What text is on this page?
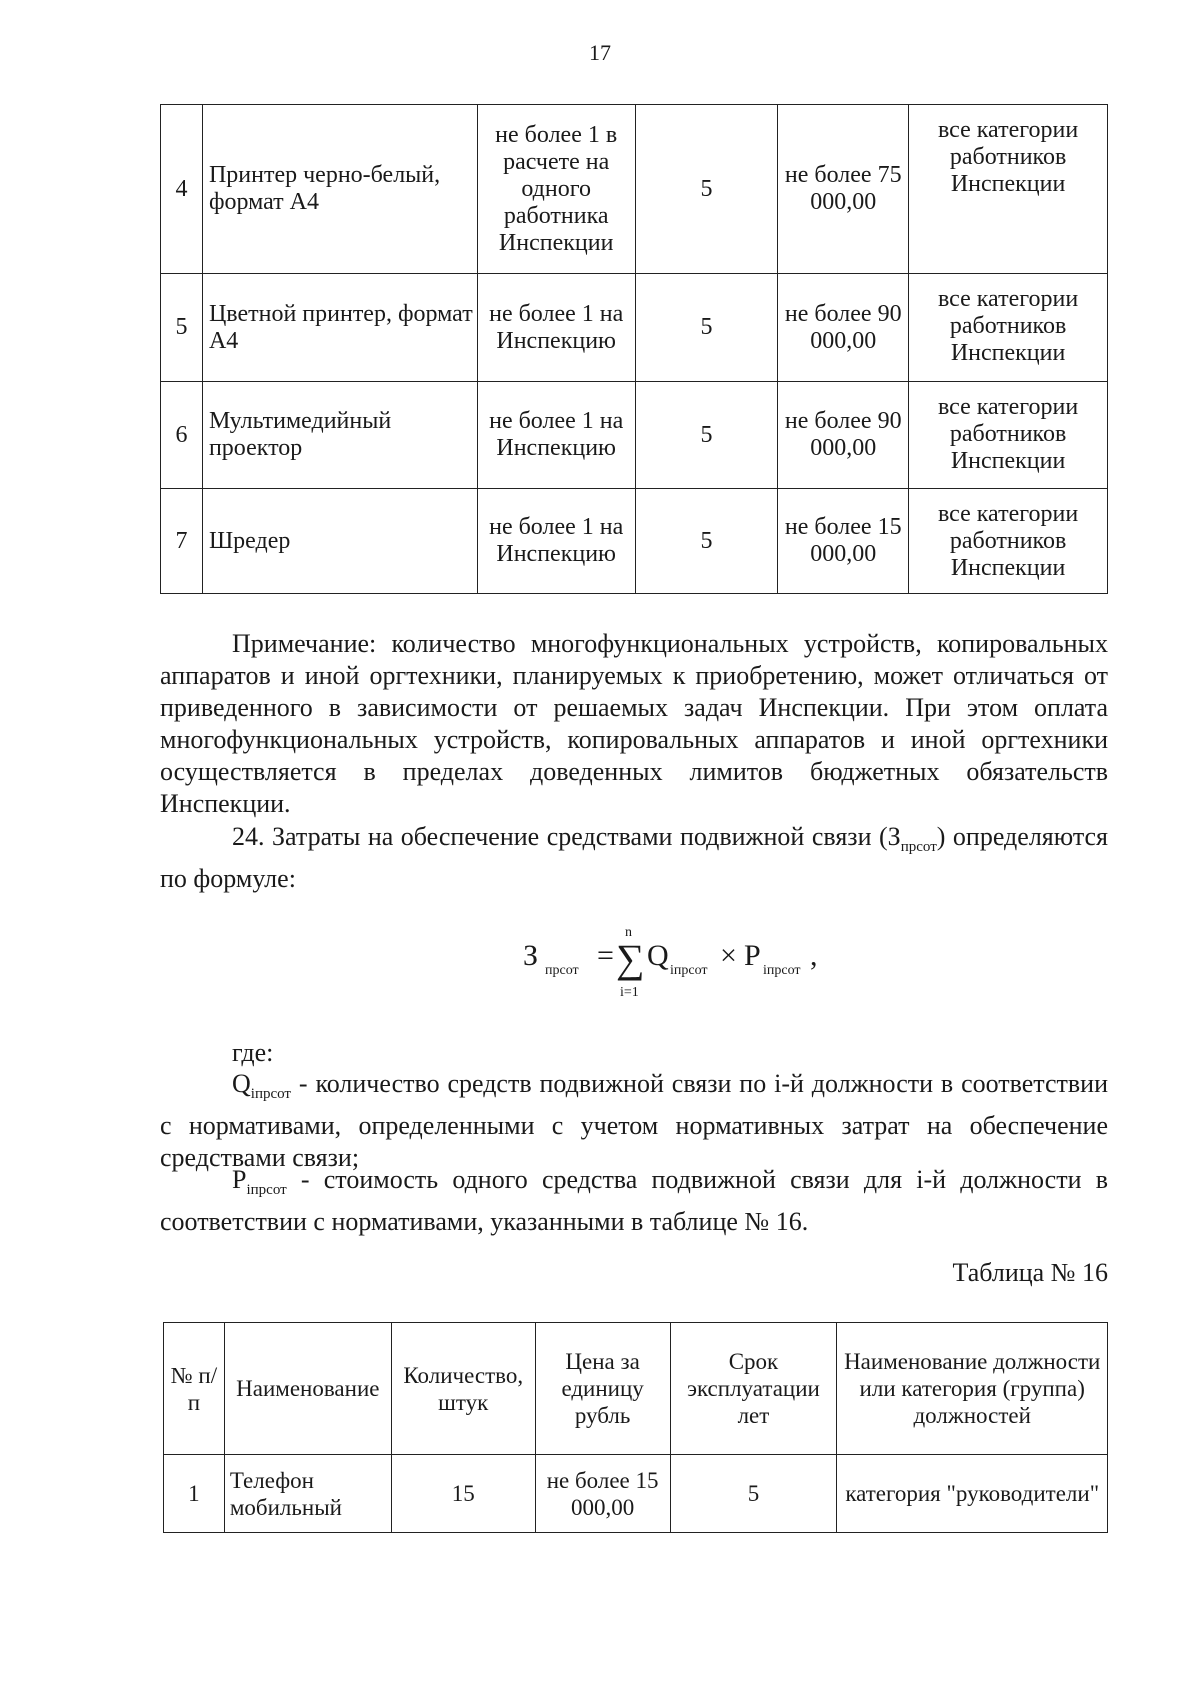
17
4	Принтер черно-белый, формат А4	не более 1 в расчете на одного работника Инспекции	5	не более 75 000,00	все категории работников Инспекции
5	Цветной принтер, формат А4	не более 1 на Инспекцию	5	не более 90 000,00	все категории работников Инспекции
6	Мультимедийный проектор	не более 1 на Инспекцию	5	не более 90 000,00	все категории работников Инспекции
7	Шредер	не более 1 на Инспекцию	5	не более 15 000,00	все категории работников Инспекции

Примечание: количество многофункциональных устройств, копировальных аппаратов и иной оргтехники, планируемых к приобретению, может отличаться от приведенного в зависимости от решаемых задач Инспекции. При этом оплата многофункциональных устройств, копировальных аппаратов и иной оргтехники осуществляется в пределах доведенных лимитов бюджетных обязательств Инспекции.

24. Затраты на обеспечение средствами подвижной связи $(З_{прсот})$ определяются по формуле:

З прсот =
n
∑
i=1
Q iпрсот × P iпрсот ,

где:

$Q_{iпрсот}$ - количество средств подвижной связи по i-й должности в соответствии с нормативами, определенными с учетом нормативных затрат на обеспечение средствами связи;

$P_{iпрсот}$ - стоимость одного средства подвижной связи для i-й должности в соответствии с нормативами, указанными в таблице № 16.

Таблица № 16
№ п/п	Наименование	Количество, штук	Цена за единицу рубль	Срок эксплуатации лет	Наименование должности или категория (группа) должностей
1	Телефон мобильный	15	не более 15 000,00	5	категория "руководители"
